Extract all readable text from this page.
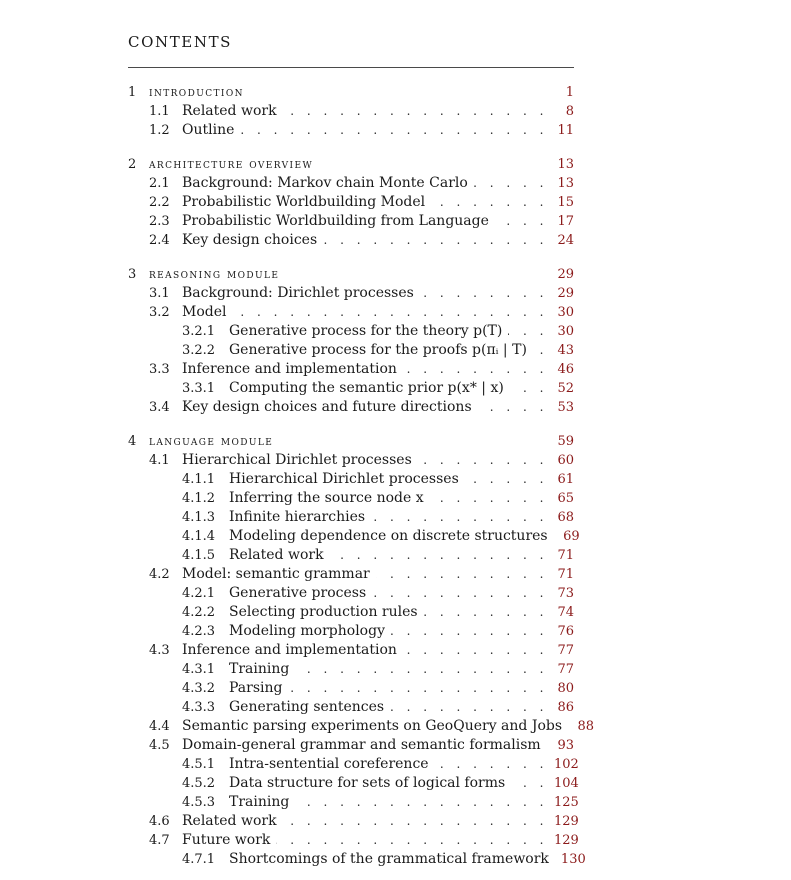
CONTENTS
1 introduction	1
1.1 Related work . . .	8
1.2 Outline . . .	11
2 architecture overview	13
2.1 Background: Markov chain Monte Carlo . . .	13
2.2 Probabilistic Worldbuilding Model . . .	15
2.3 Probabilistic Worldbuilding from Language . . .	17
2.4 Key design choices . . .	24
3 reasoning module	29
3.1 Background: Dirichlet processes . . .	29
3.2 Model . . .	30
3.2.1 Generative process for the theory p(T) . . .	30
3.2.2 Generative process for the proofs p(πᵢ | T) . . . 43
3.3 Inference and implementation . . .	46
3.3.1 Computing the semantic prior p(x* | x) . . .	52
3.4 Key design choices and future directions . . .	53
4 language module	59
4.1 Hierarchical Dirichlet processes . . .	60
4.1.1 Hierarchical Dirichlet processes . . .	61
4.1.2 Inferring the source node x . . .	65
4.1.3 Infinite hierarchies . . .	68
4.1.4 Modeling dependence on discrete structures 69
4.1.5 Related work . . .	71
4.2 Model: semantic grammar . . .	71
4.2.1 Generative process . . .	73
4.2.2 Selecting production rules . . .	74
4.2.3 Modeling morphology . . .	76
4.3 Inference and implementation . . .	77
4.3.1 Training . . .	77
4.3.2 Parsing . . .	80
4.3.3 Generating sentences . . .	86
4.4 Semantic parsing experiments on GeoQuery and Jobs 88
4.5 Domain-general grammar and semantic formalism . . . 93
4.5.1 Intra-sentential coreference . . .	102
4.5.2 Data structure for sets of logical forms . . .	104
4.5.3 Training . . .	125
4.6 Related work . . .	129
4.7 Future work . . .	129
4.7.1 Shortcomings of the grammatical framework 130
